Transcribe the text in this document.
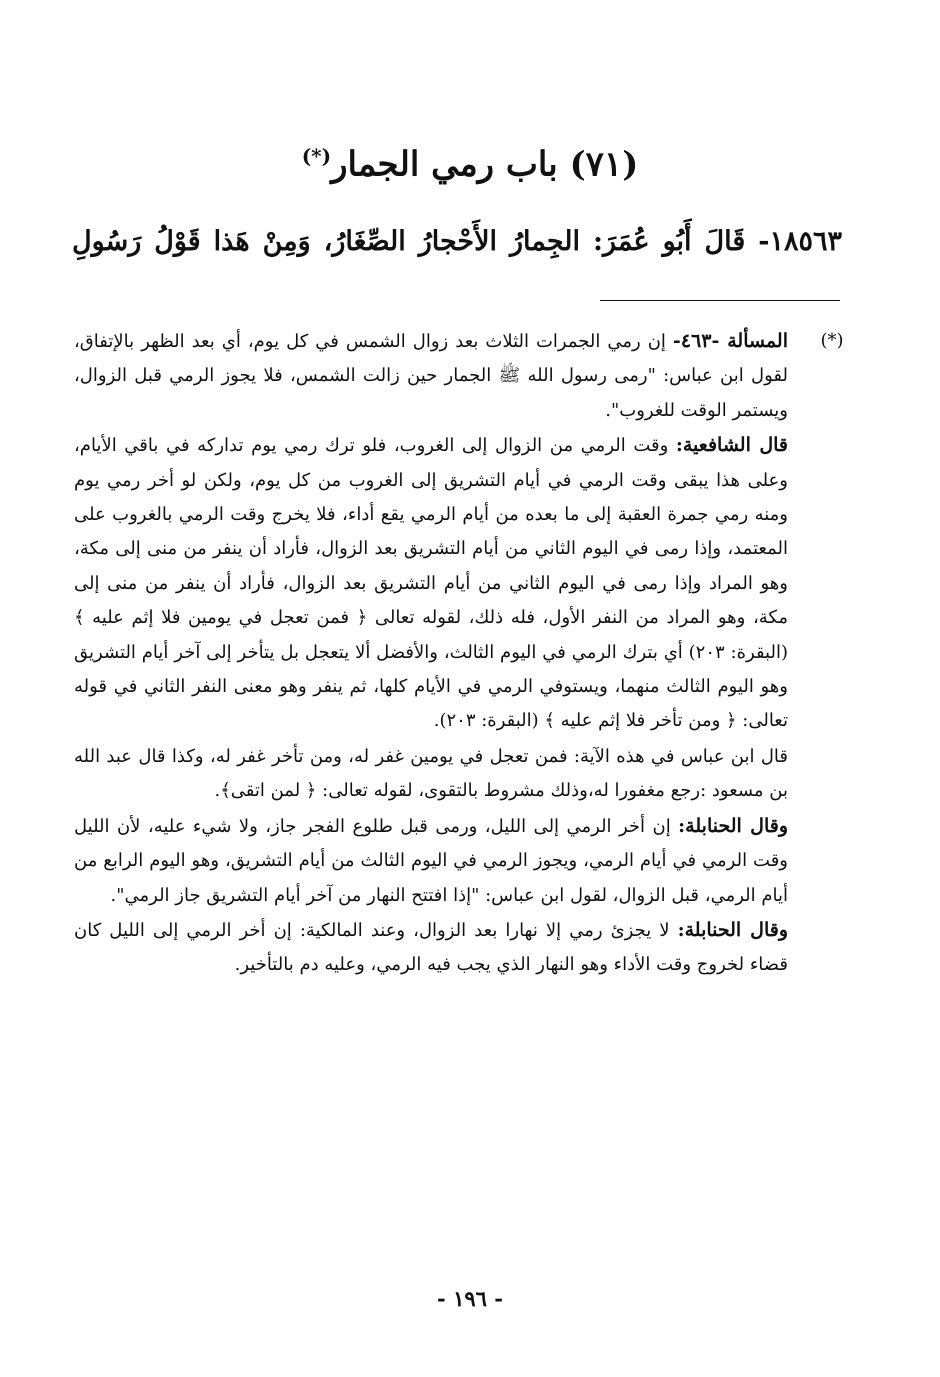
(٧١) باب رمي الجمار(*)

١٨٥٦٣- قَالَ أَبُو عُمَرَ: الجِمارُ الأَحْجارُ الصِّغَارُ، وَمِنْ هَذا قَوْلُ رَسُولِ

(*)

المسألة -٤٦٣- إن رمي الجمرات الثلاث بعد زوال الشمس في كل يوم، أي بعد الظهر بالإتفاق، لقول ابن عباس: "رمى رسول الله ﷺ الجمار حين زالت الشمس، فلا يجوز الرمي قبل الزوال، ويستمر الوقت للغروب".

قال الشافعية: وقت الرمي من الزوال إلى الغروب، فلو ترك رمي يوم تداركه في باقي الأيام، وعلى هذا يبقى وقت الرمي في أيام التشريق إلى الغروب من كل يوم، ولكن لو أخر رمي يوم ومنه رمي جمرة العقبة إلى ما بعده من أيام الرمي يقع أداء، فلا يخرج وقت الرمي بالغروب على المعتمد، وإذا رمى في اليوم الثاني من أيام التشريق بعد الزوال، فأراد أن ينفر من منى إلى مكة، وهو المراد وإذا رمى في اليوم الثاني من أيام التشريق بعد الزوال، فأراد أن ينفر من منى إلى مكة، وهو المراد من النفر الأول، فله ذلك، لقوله تعالى ﴿ فمن تعجل في يومين فلا إثم عليه ﴾ (البقرة: ٢٠٣) أي بترك الرمي في اليوم الثالث، والأفضل ألا يتعجل بل يتأخر إلى آخر أيام التشريق وهو اليوم الثالث منهما، ويستوفي الرمي في الأيام كلها، ثم ينفر وهو معنى النفر الثاني في قوله تعالى: ﴿ ومن تأخر فلا إثم عليه ﴾ (البقرة: ٢٠٣).

قال ابن عباس في هذه الآية: فمن تعجل في يومين غفر له، ومن تأخر غفر له، وكذا قال عبد الله بن مسعود :رجع مغفورا له،وذلك مشروط بالتقوى، لقوله تعالى: ﴿ لمن اتقى﴾.

وقال الحنابلة: إن أخر الرمي إلى الليل، ورمى قبل طلوع الفجر جاز، ولا شيء عليه، لأن الليل وقت الرمي في أيام الرمي، ويجوز الرمي في اليوم الثالث من أيام التشريق، وهو اليوم الرابع من أيام الرمي، قبل الزوال، لقول ابن عباس: "إذا افتتح النهار من آخر أيام التشريق جاز الرمي".

وقال الحنابلة: لا يجزئ رمي إلا نهارا بعد الزوال، وعند المالكية: إن أخر الرمي إلى الليل كان قضاء لخروج وقت الأداء وهو النهار الذي يجب فيه الرمي، وعليه دم بالتأخير.

- ١٩٦ -
